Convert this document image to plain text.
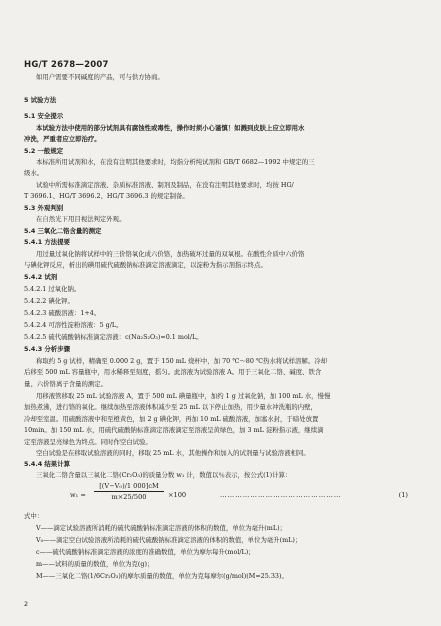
HG/T 2678—2007
如用户需要不同碱度的产品，可与供方协商。
5 试验方法
5.1 安全提示
本试验方法中使用的部分试剂具有腐蚀性或毒性，操作时须小心谨慎！如溅到皮肤上应立即用水
冲洗，严重者应立即治疗。
5.2 一般规定
本标准所用试剂和水，在没有注明其他要求时，均指分析纯试剂和 GB/T 6682—1992 中规定的三
级水。
试验中所需标准滴定溶液、杂质标准溶液、制剂及制品，在没有注明其他要求时，均按 HG/
T 3696.1、HG/T 3696.2、HG/T 3696.3 的规定制备。
5.3 外观判别
在自然光下用目视法判定外观。
5.4 三氧化二铬含量的测定
5.4.1 方法提要
用过量过氧化钠将试样中的三价铬氧化成六价铬，加热破坏过量的双氧根。在酸性介质中六价铬
与碘化钾反应，析出的碘用硫代硫酸钠标准滴定溶液滴定，以淀粉为指示剂指示终点。
5.4.2 试剂
5.4.2.1 过氧化钠。
5.4.2.2 碘化钾。
5.4.2.3 硫酸溶液：1+4。
5.4.2.4 可溶性淀粉溶液：5 g/L。
5.4.2.5 硫代硫酸钠标准滴定溶液：c(Na₂S₂O₃)≈0.1 mol/L。
5.4.3 分析步骤
称取约 5 g 试样，精确至 0.000 2 g，置于 150 mL 烧杯中，加 70 ℃～80 ℃热水将试样溶解。冷却
后移至 500 mL 容量瓶中，用水稀释至刻度，摇匀。此溶液为试验溶液 A。用于三氧化二铬、碱度、铁含
量、六价铬离子含量的测定。
用移液管移取 25 mL 试验溶液 A，置于 500 mL 碘量瓶中，加约 1 g 过氧化钠，加 100 mL 水，慢慢
加热煮沸，进行铬的氧化。继续加热至溶液体积减少至 25 mL 以下停止加热，用少量水冲洗瓶的内壁，
冷却至室温。用硫酸溶液中和至橙黄色，加 2 g 碘化钾，再加 10 mL 硫酸溶液，加塞水封，于暗处放置
10min。加 150 mL 水，用硫代硫酸钠标准滴定溶液滴定至溶液呈黄绿色，加 3 mL 淀粉指示液，继续滴
定至溶液呈亮绿色为终点。同时作空白试验。
空白试验是在移取试验溶液的同时，移取 25 mL 水，其他操作和加入的试剂量与试验溶液相同。
5.4.4 结果计算
三氧化二铬含量以三氧化二铬(Cr₂O₃)的质量分数 w₁ 计，数值以％表示，按公式(1)计算：
$w_1 = \frac{\text{[(V−V₀)/1 000]cM}}{m\times 25/500} \times 100$	…………………………………………	(1)
式中：
V——滴定试验溶液所消耗的硫代硫酸钠标准滴定溶液的体积的数值，单位为毫升(mL)；
V₀——滴定空白试验溶液所消耗的硫代硫酸钠标准滴定溶液的体积的数值，单位为毫升(mL)；
c——硫代硫酸钠标准滴定溶液的浓度的准确数值，单位为摩尔每升(mol/L)；
m——试料的质量的数值，单位为克(g)；
M——三氧化二铬(1/6Cr₂O₃)的摩尔质量的数值，单位为克每摩尔(g/mol)(M=25.33)。
2
